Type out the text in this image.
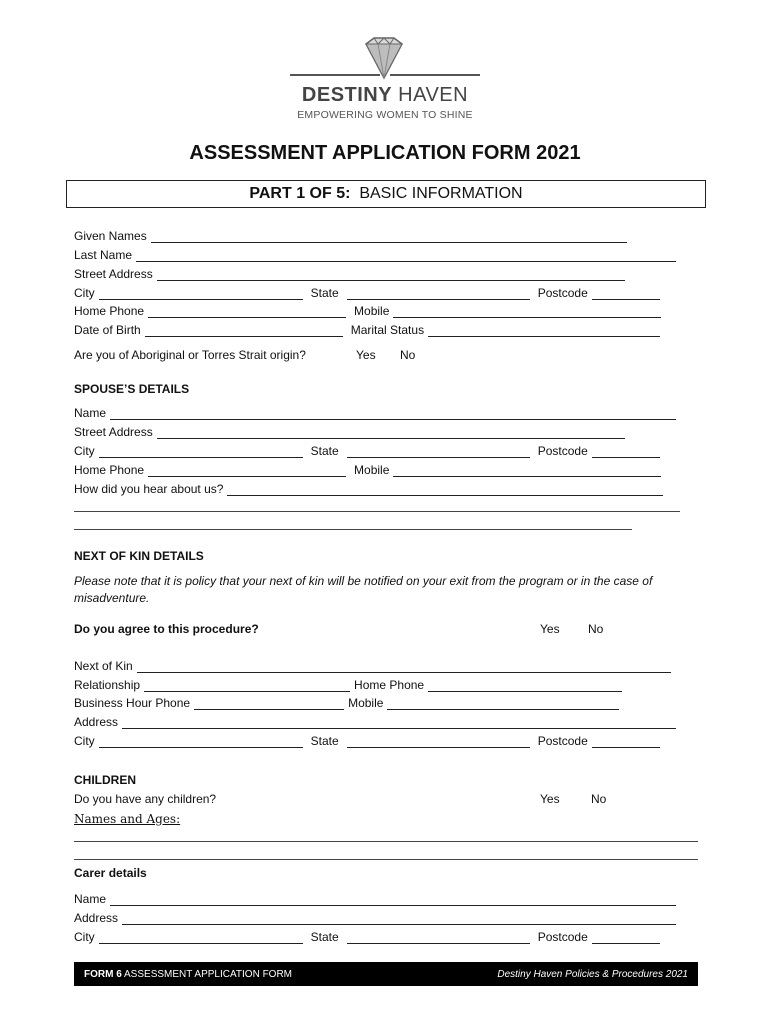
DESTINY HAVEN
EMPOWERING WOMEN TO SHINE
ASSESSMENT APPLICATION FORM 2021
PART 1 OF 5: BASIC INFORMATION
Given Names
Last Name
Street Address
City	State	Postcode
Home Phone	Mobile
Date of Birth	Marital Status
Are you of Aboriginal or Torres Strait origin?	Yes No
SPOUSE’S DETAILS
Name
Street Address
City	State	Postcode
Home Phone	Mobile
How did you hear about us?
NEXT OF KIN DETAILS
Please note that it is policy that your next of kin will be notified on your exit from the program or in the case of misadventure.
Do you agree to this procedure?	Yes No
Next of Kin
Relationship	Home Phone
Business Hour Phone	Mobile
Address
City	State	Postcode
CHILDREN
Do you have any children?	Yes	No
Names and Ages:
Carer details
Name
Address
City	State	Postcode
FORM 6 ASSESSMENT APPLICATION FORM	Destiny Haven Policies & Procedures 2021
